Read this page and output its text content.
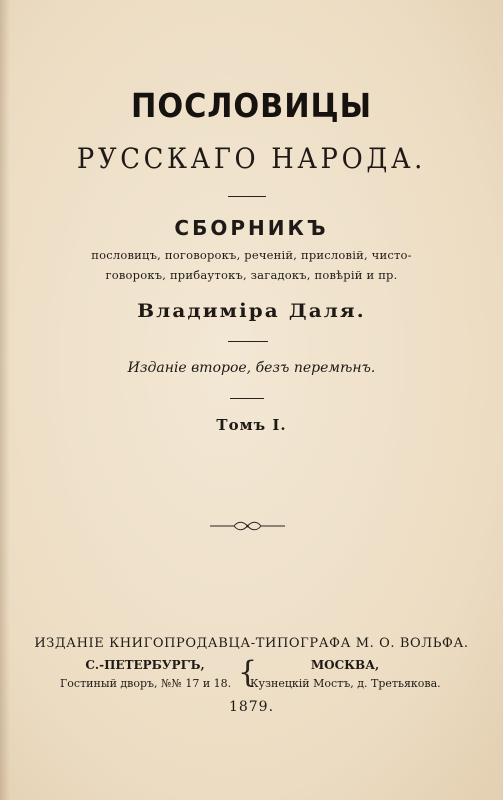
ПОСЛОВИЦЫ
РУССКАГО НАРОДА.
СБОРНИКЪ
пословицъ, поговорокъ, реченій, присловій, чисто-
говорокъ, прибаутокъ, загадокъ, повѣрій и пр.
Владиміра Даля.
Изданіе второе, безъ перемѣнъ.
Томъ I.
ИЗДАНІЕ КНИГОПРОДАВЦА-ТИПОГРАФА М. О. ВОЛЬФА.
С.-ПЕТЕРБУРГЪ,
Гостиный дворъ, №№ 17 и 18. {	МОСКВА,
Кузнецкій Мостъ, д. Третьякова.
1879.
